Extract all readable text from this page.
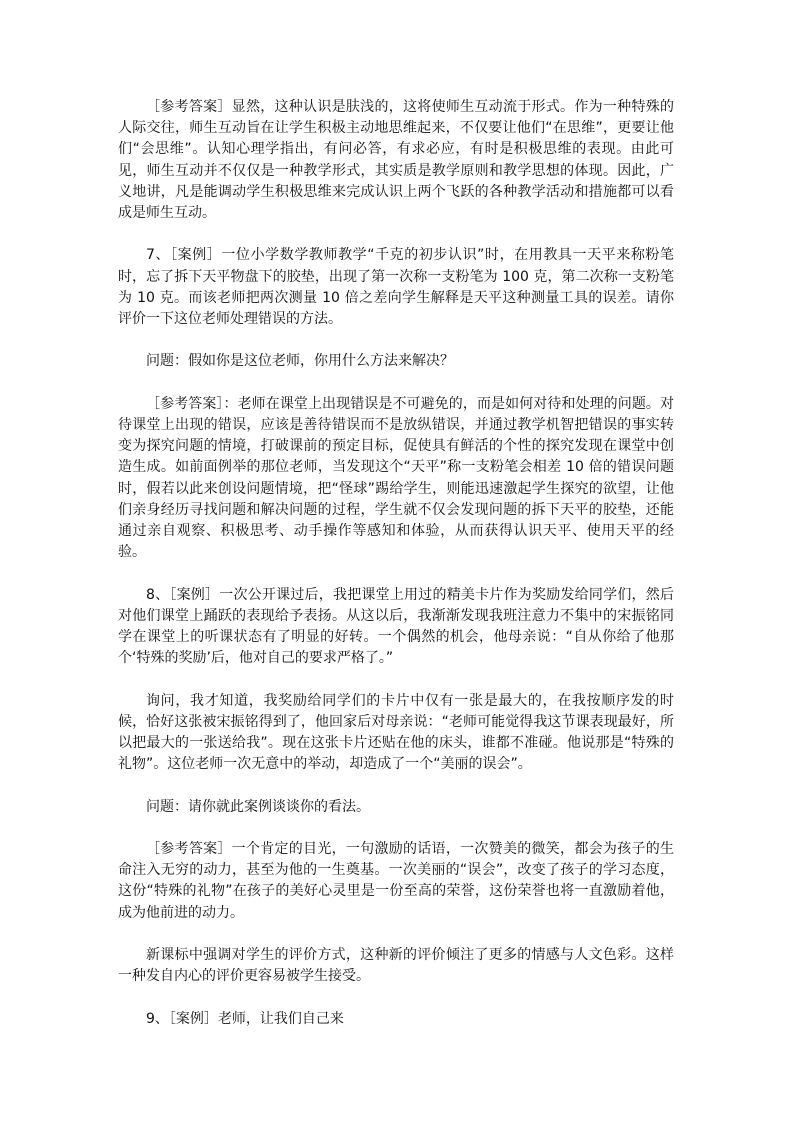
［参考答案］显然，这种认识是肤浅的，这将使师生互动流于形式。作为一种特殊的人际交往，师生互动旨在让学生积极主动地思维起来，不仅要让他们“在思维”，更要让他们“会思维”。认知心理学指出，有问必答，有求必应，有时是积极思维的表现。由此可见，师生互动并不仅仅是一种教学形式，其实质是教学原则和教学思想的体现。因此，广义地讲，凡是能调动学生积极思维来完成认识上两个飞跃的各种教学活动和措施都可以看成是师生互动。

7、［案例］一位小学数学教师教学“千克的初步认识”时，在用教具一天平来称粉笔时，忘了拆下天平物盘下的胶垫，出现了第一次称一支粉笔为 100 克，第二次称一支粉笔为 10 克。而该老师把两次测量 10 倍之差向学生解释是天平这种测量工具的误差。请你评价一下这位老师处理错误的方法。

问题：假如你是这位老师，你用什么方法来解决？

［参考答案］：老师在课堂上出现错误是不可避免的，而是如何对待和处理的问题。对待课堂上出现的错误，应该是善待错误而不是放纵错误，并通过教学机智把错误的事实转变为探究问题的情境，打破课前的预定目标，促使具有鲜活的个性的探究发现在课堂中创造生成。如前面例举的那位老师，当发现这个“天平”称一支粉笔会相差 10 倍的错误问题时，假若以此来创设问题情境，把“怪球”踢给学生，则能迅速激起学生探究的欲望，让他们亲身经历寻找问题和解决问题的过程，学生就不仅会发现问题的拆下天平的胶垫，还能通过亲自观察、积极思考、动手操作等感知和体验，从而获得认识天平、使用天平的经验。

8、［案例］一次公开课过后，我把课堂上用过的精美卡片作为奖励发给同学们，然后对他们课堂上踊跃的表现给予表扬。从这以后，我渐渐发现我班注意力不集中的宋振铭同学在课堂上的听课状态有了明显的好转。一个偶然的机会，他母亲说：“自从你给了他那个‘特殊的奖励’后，他对自己的要求严格了。”

询问，我才知道，我奖励给同学们的卡片中仅有一张是最大的，在我按顺序发的时候，恰好这张被宋振铭得到了，他回家后对母亲说：“老师可能觉得我这节课表现最好，所以把最大的一张送给我”。现在这张卡片还贴在他的床头，谁都不准碰。他说那是“特殊的礼物”。这位老师一次无意中的举动，却造成了一个“美丽的误会”。

问题：请你就此案例谈谈你的看法。

［参考答案］一个肯定的目光，一句激励的话语，一次赞美的微笑，都会为孩子的生命注入无穷的动力，甚至为他的一生奠基。一次美丽的“误会”，改变了孩子的学习态度，这份“特殊的礼物”在孩子的美好心灵里是一份至高的荣誉，这份荣誉也将一直激励着他，成为他前进的动力。

新课标中强调对学生的评价方式，这种新的评价倾注了更多的情感与人文色彩。这样一种发自内心的评价更容易被学生接受。

9、［案例］老师，让我们自己来
